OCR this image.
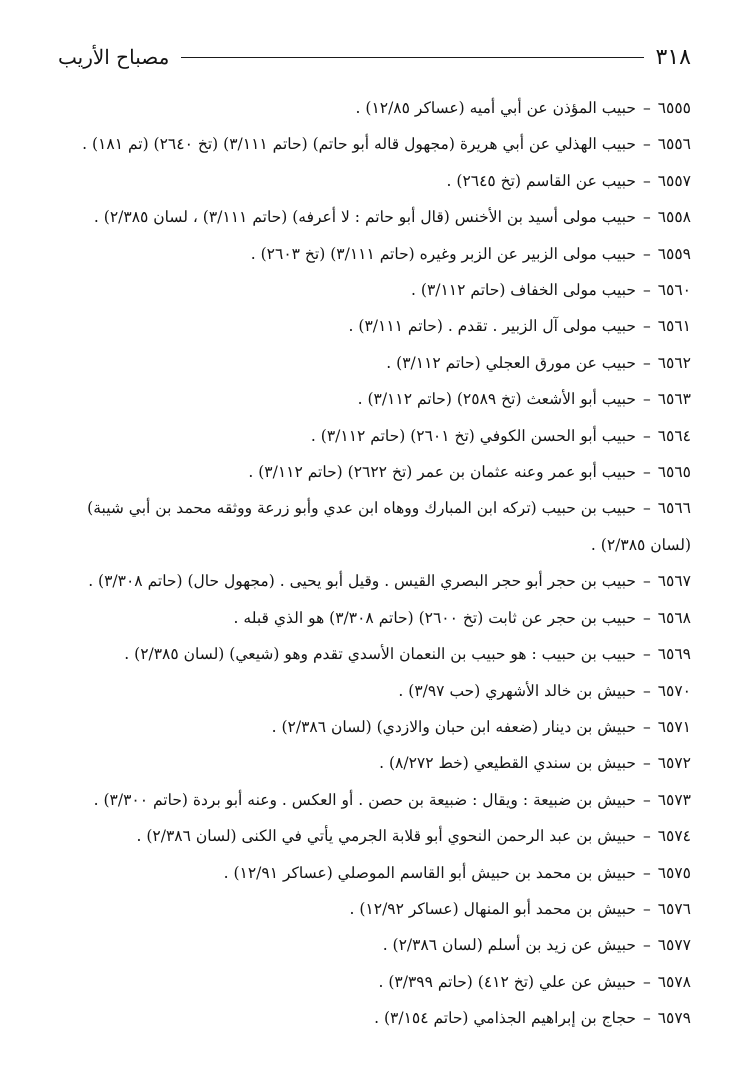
٣١٨
مصباح الأريب

٦٥٥٥–حبيب المؤذن عن أبي أميه (عساكر ١٢/٨٥) .

٦٥٥٦–حبيب الهذلي عن أبي هريرة (مجهول قاله أبو حاتم) (حاتم ٣/١١١) (تخ ٢٦٤٠) (تم ١٨١) .

٦٥٥٧–حبيب عن القاسم (تخ ٢٦٤٥) .

٦٥٥٨–حبيب مولى أسيد بن الأخنس (قال أبو حاتم : لا أعرفه) (حاتم ٣/١١١) ، لسان ٢/٣٨٥) .

٦٥٥٩–حبيب مولى الزبير عن الزبر وغيره (حاتم ٣/١١١) (تخ ٢٦٠٣) .

٦٥٦٠–حبيب مولى الخفاف (حاتم ٣/١١٢) .

٦٥٦١–حبيب مولى آل الزبير . تقدم . (حاتم ٣/١١١) .

٦٥٦٢–حبيب عن مورق العجلي (حاتم ٣/١١٢) .

٦٥٦٣–حبيب أبو الأشعث (تخ ٢٥٨٩) (حاتم ٣/١١٢) .

٦٥٦٤–حبيب أبو الحسن الكوفي (تخ ٢٦٠١) (حاتم ٣/١١٢) .

٦٥٦٥–حبيب أبو عمر وعنه عثمان بن عمر (تخ ٢٦٢٢) (حاتم ٣/١١٢) .

٦٥٦٦–حبيب بن حبيب (تركه ابن المبارك ووهاه ابن عدي وأبو زرعة ووثقه محمد بن أبي شيبة) (لسان ٢/٣٨٥) .

٦٥٦٧–حبيب بن حجر أبو حجر البصري القيس . وقيل أبو يحيى . (مجهول حال) (حاتم ٣/٣٠٨) .

٦٥٦٨–حبيب بن حجر عن ثابت (تخ ٢٦٠٠) (حاتم ٣/٣٠٨) هو الذي قبله .

٦٥٦٩–حبيب بن حبيب : هو حبيب بن النعمان الأسدي تقدم وهو (شيعي) (لسان ٢/٣٨٥) .

٦٥٧٠–حبيش بن خالد الأشهري (حب ٣/٩٧) .

٦٥٧١–حبيش بن دينار (ضعفه ابن حبان والازدي) (لسان ٢/٣٨٦) .

٦٥٧٢–حبيش بن سندي القطيعي (خط ٨/٢٧٢) .

٦٥٧٣–حبيش بن ضبيعة : ويقال : ضبيعة بن حصن . أو العكس . وعنه أبو بردة (حاتم ٣/٣٠٠) .

٦٥٧٤–حبيش بن عبد الرحمن النحوي أبو قلابة الجرمي يأتي في الكنى (لسان ٢/٣٨٦) .

٦٥٧٥–حبيش بن محمد بن حبيش أبو القاسم الموصلي (عساكر ١٢/٩١) .

٦٥٧٦–حبيش بن محمد أبو المنهال (عساكر ١٢/٩٢) .

٦٥٧٧–حبيش عن زيد بن أسلم (لسان ٢/٣٨٦) .

٦٥٧٨–حبيش عن علي (تخ ٤١٢) (حاتم ٣/٣٩٩) .

٦٥٧٩–حجاج بن إبراهيم الجذامي (حاتم ٣/١٥٤) .
